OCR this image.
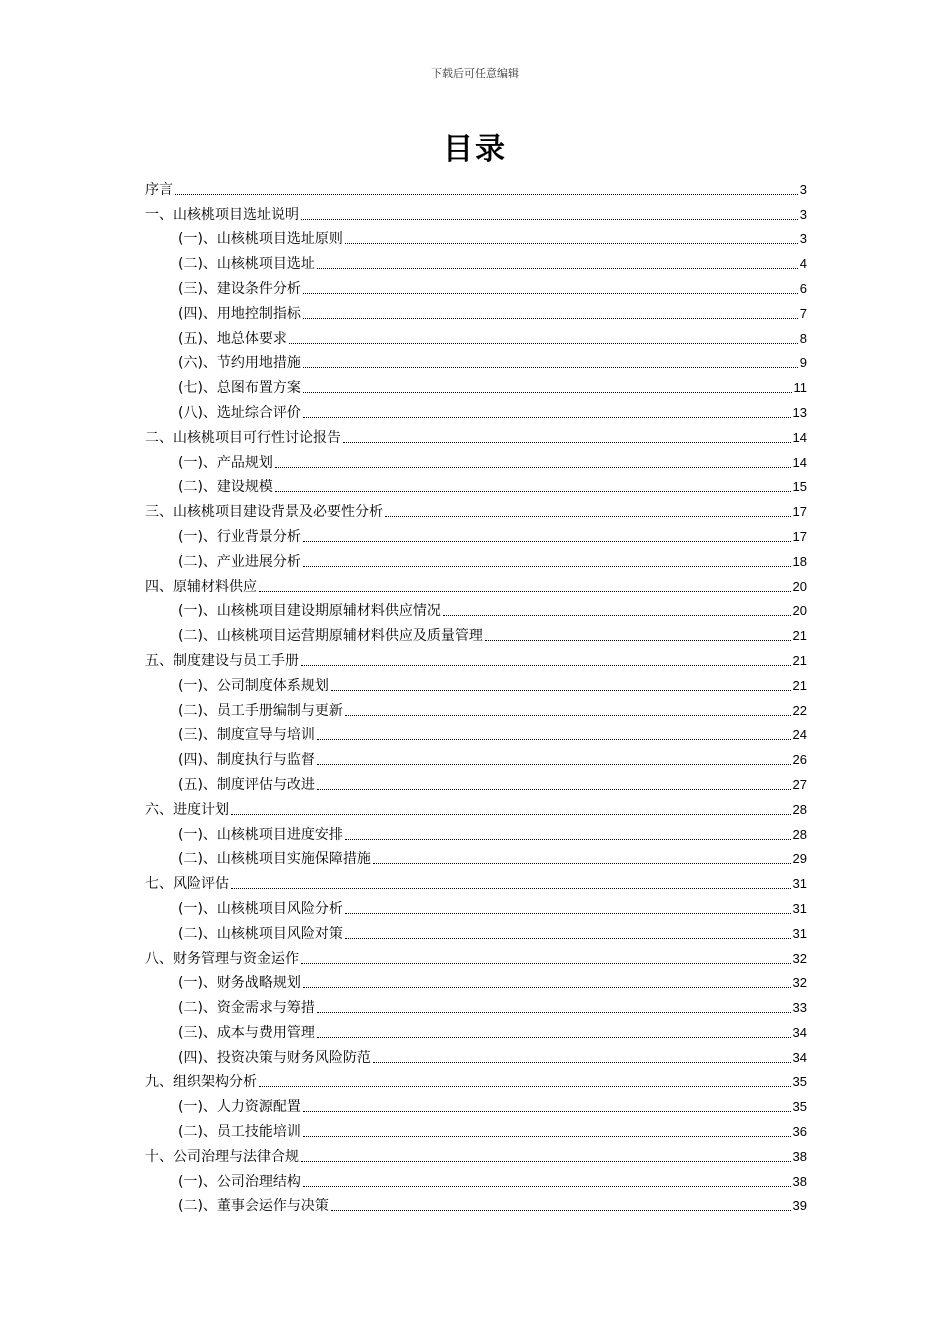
下载后可任意编辑
目录
序言	3
一、山核桃项目选址说明	3
(一)、山核桃项目选址原则	3
(二)、山核桃项目选址	4
(三)、建设条件分析	6
(四)、用地控制指标	7
(五)、地总体要求	8
(六)、节约用地措施	9
(七)、总图布置方案	11
(八)、选址综合评价	13
二、山核桃项目可行性讨论报告	14
(一)、产品规划	14
(二)、建设规模	15
三、山核桃项目建设背景及必要性分析	17
(一)、行业背景分析	17
(二)、产业进展分析	18
四、原辅材料供应	20
(一)、山核桃项目建设期原辅材料供应情况	20
(二)、山核桃项目运营期原辅材料供应及质量管理	21
五、制度建设与员工手册	21
(一)、公司制度体系规划	21
(二)、员工手册编制与更新	22
(三)、制度宣导与培训	24
(四)、制度执行与监督	26
(五)、制度评估与改进	27
六、进度计划	28
(一)、山核桃项目进度安排	28
(二)、山核桃项目实施保障措施	29
七、风险评估	31
(一)、山核桃项目风险分析	31
(二)、山核桃项目风险对策	31
八、财务管理与资金运作	32
(一)、财务战略规划	32
(二)、资金需求与筹措	33
(三)、成本与费用管理	34
(四)、投资决策与财务风险防范	34
九、组织架构分析	35
(一)、人力资源配置	35
(二)、员工技能培训	36
十、公司治理与法律合规	38
(一)、公司治理结构	38
(二)、董事会运作与决策	39
